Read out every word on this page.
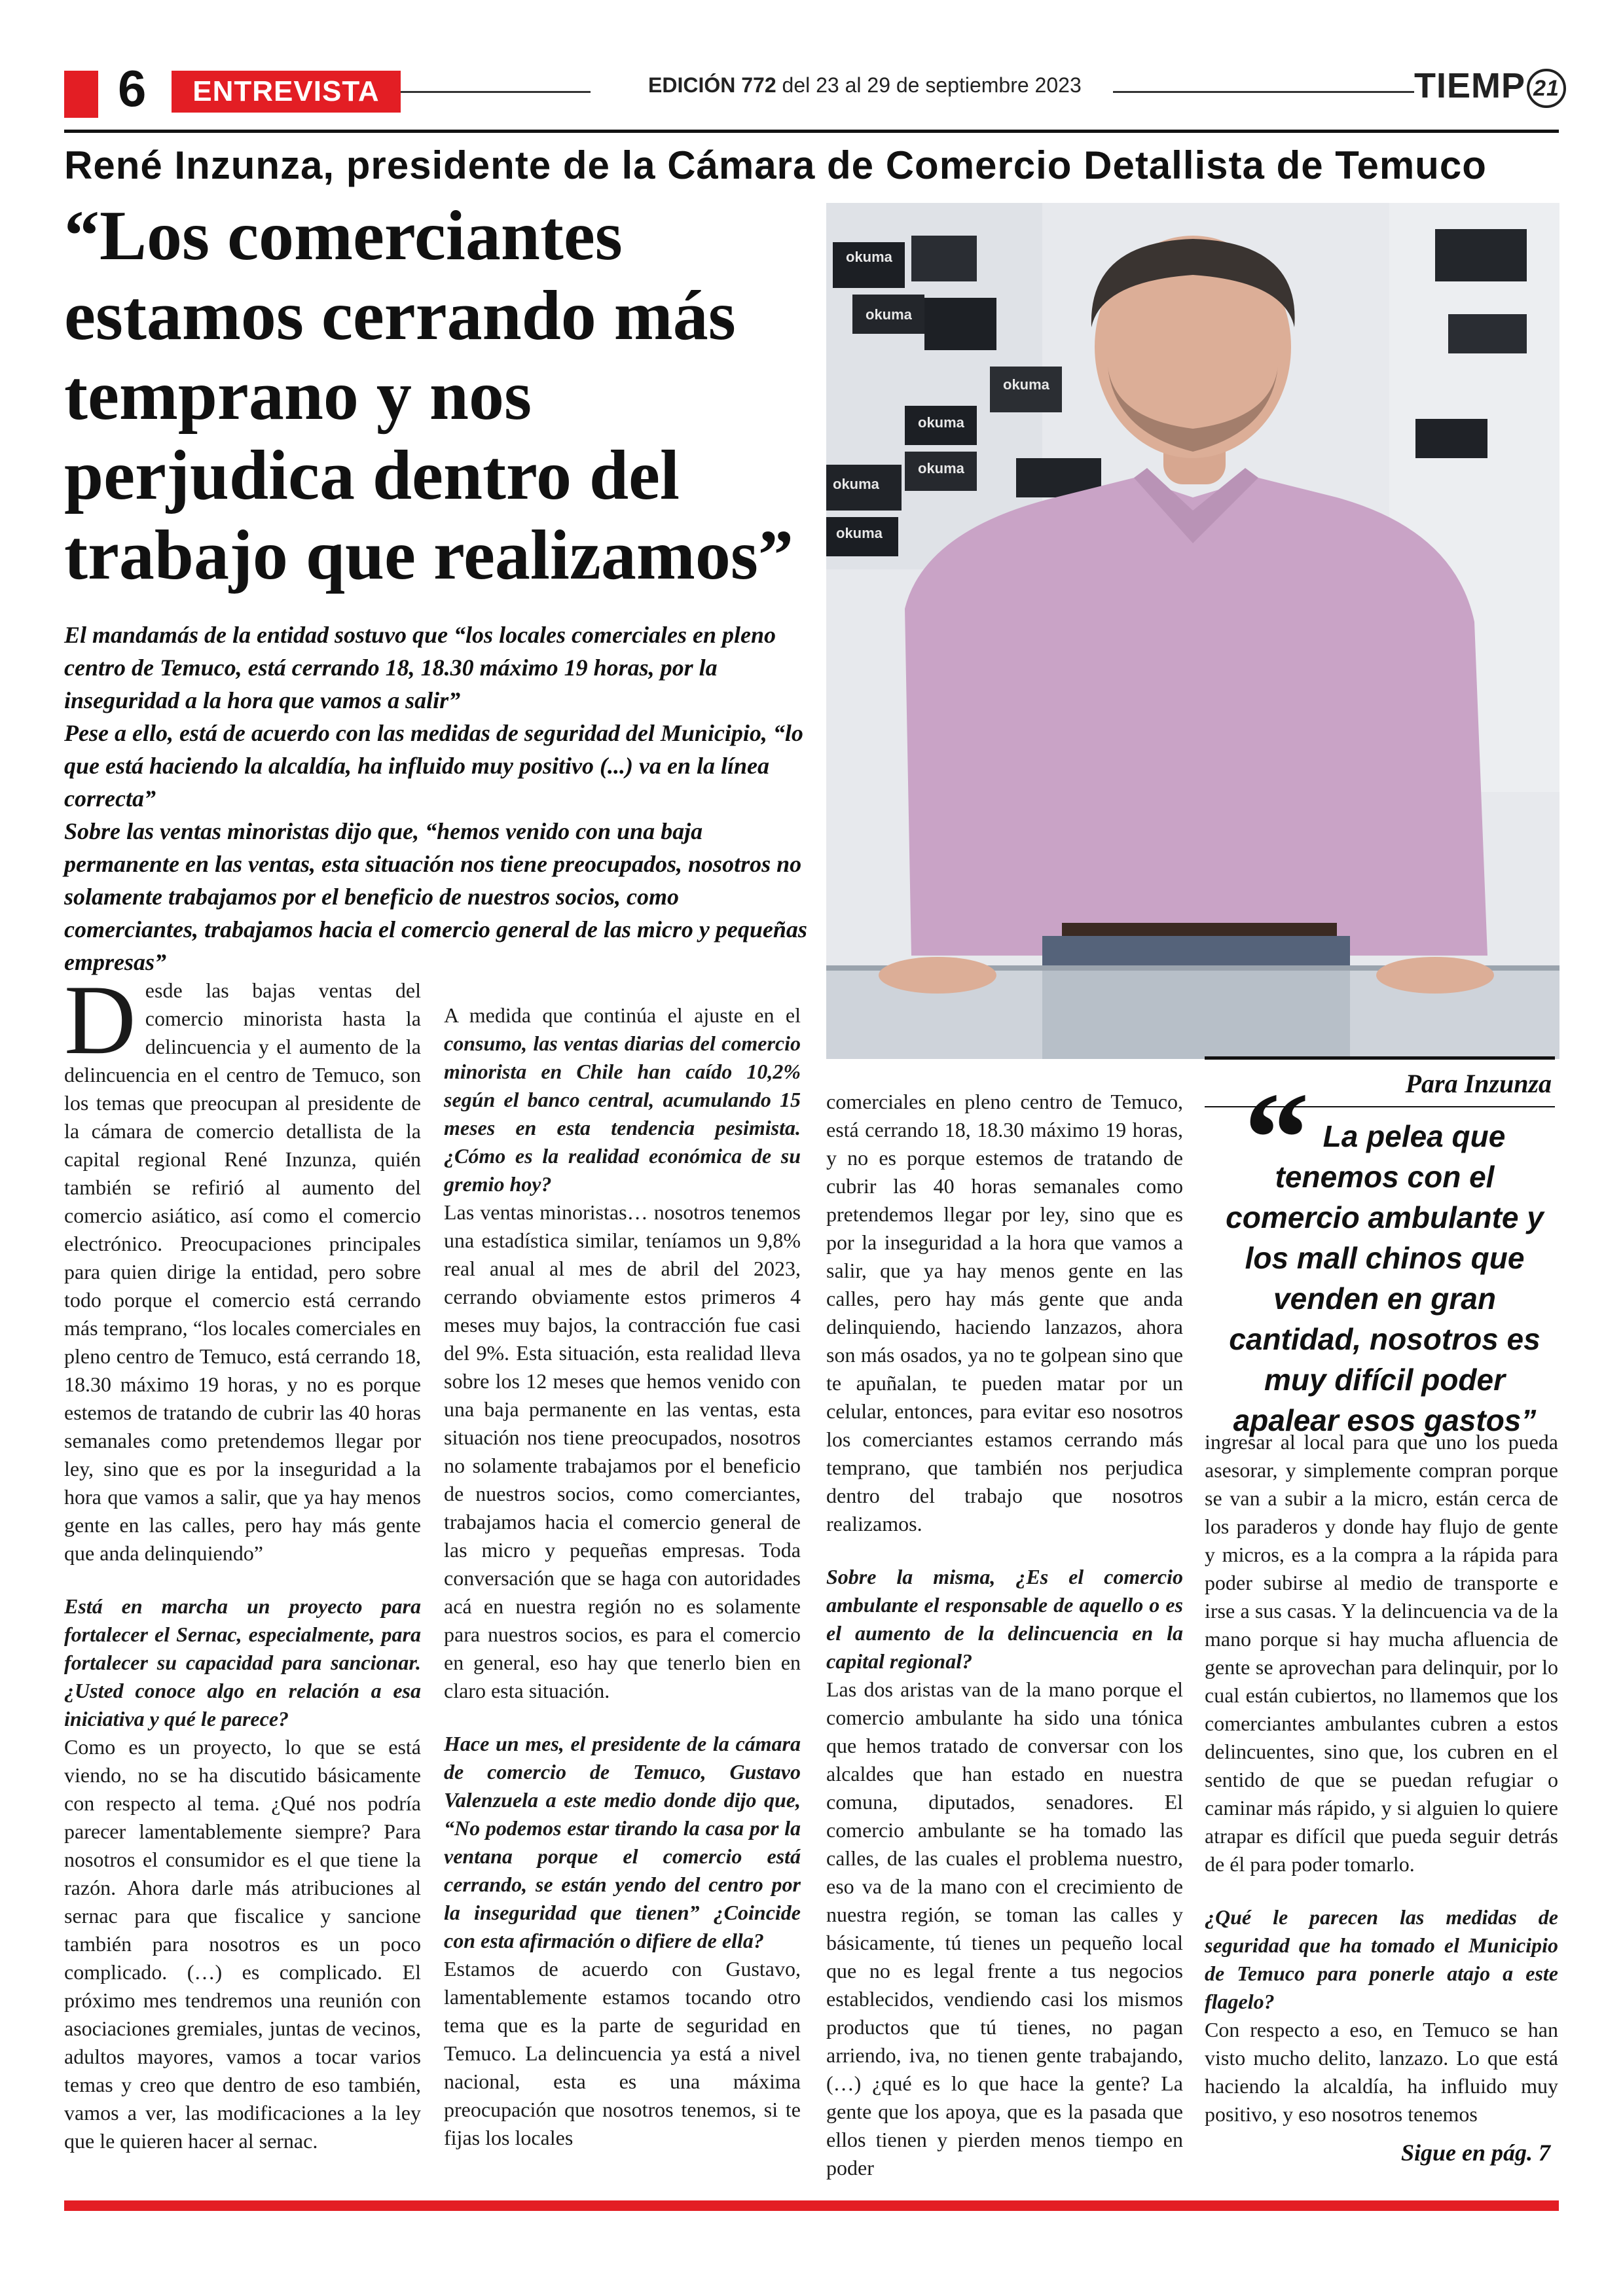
6	ENTREVISTA	EDICIÓN 772 del 23 al 29 de septiembre 2023	TIEMP 21
René Inzunza, presidente de la Cámara de Comercio Detallista de Temuco
“Los comerciantes estamos cerrando más temprano y nos perjudica dentro del trabajo que realizamos”

El mandamás de la entidad sostuvo que “los locales comerciales en pleno centro de Temuco, está cerrando 18, 18.30 máximo 19 horas, por la inseguridad a la hora que vamos a salir”

Pese a ello, está de acuerdo con las medidas de seguridad del Municipio, “lo que está haciendo la alcaldía, ha influido muy positivo (...) va en la línea correcta”

Sobre las ventas minoristas dijo que, “hemos venido con una baja permanente en las ventas, esta situación nos tiene preocupados, nosotros no solamente trabajamos por el beneficio de nuestros socios, como comerciantes, trabajamos hacia el comercio general de las micro y pequeñas empresas”

okuma
okuma
okuma
okuma
okuma
okuma
okuma

Desde las bajas ventas del comercio minorista hasta la delincuencia y el aumento de la delincuencia en el centro de Temuco, son los temas que preocupan al presidente de la cámara de comercio detallista de la capital regional René Inzunza, quién también se refirió al aumento del comercio asiático, así como el comercio electrónico. Preocupaciones principales para quien dirige la entidad, pero sobre todo porque el comercio está cerrando más temprano, “los locales comerciales en pleno centro de Temuco, está cerrando 18, 18.30 máximo 19 horas, y no es porque estemos de tratando de cubrir las 40 horas semanales como pretendemos llegar por ley, sino que es por la inseguridad a la hora que vamos a salir, que ya hay menos gente en las calles, pero hay más gente que anda delinquiendo”

Está en marcha un proyecto para fortalecer el Sernac, especialmente, para fortalecer su capacidad para sancionar. ¿Usted conoce algo en relación a esa iniciativa y qué le parece?

Como es un proyecto, lo que se está viendo, no se ha discutido básicamente con respecto al tema. ¿Qué nos podría parecer lamentablemente siempre? Para nosotros el consumidor es el que tiene la razón. Ahora darle más atribuciones al sernac para que fiscalice y sancione también para nosotros es un poco complicado. (…) es complicado. El próximo mes tendremos una reunión con asociaciones gremiales, juntas de vecinos, adultos mayores, vamos a tocar varios temas y creo que dentro de eso también, vamos a ver, las modificaciones a la ley que le quieren hacer al sernac.

A medida que continúa el ajuste en el consumo, las ventas diarias del comercio minorista en Chile han caído 10,2% según el banco central, acumulando 15 meses en esta tendencia pesimista. ¿Cómo es la realidad económica de su gremio hoy?

Las ventas minoristas… nosotros tenemos una estadística similar, teníamos un 9,8% real anual al mes de abril del 2023, cerrando obviamente estos primeros 4 meses muy bajos, la contracción fue casi del 9%. Esta situación, esta realidad lleva sobre los 12 meses que hemos venido con una baja permanente en las ventas, esta situación nos tiene preocupados, nosotros no solamente trabajamos por el beneficio de nuestros socios, como comerciantes, trabajamos hacia el comercio general de las micro y pequeñas empresas. Toda conversación que se haga con autoridades acá en nuestra región no es solamente para nuestros socios, es para el comercio en general, eso hay que tenerlo bien en claro esta situación.

Hace un mes, el presidente de la cámara de comercio de Temuco, Gustavo Valenzuela a este medio donde dijo que, “No podemos estar tirando la casa por la ventana porque el comercio está cerrando, se están yendo del centro por la inseguridad que tienen” ¿Coincide con esta afirmación o difiere de ella?

Estamos de acuerdo con Gustavo, lamentablemente estamos tocando otro tema que es la parte de seguridad en Temuco. La delincuencia ya está a nivel nacional, esta es una máxima preocupación que nosotros tenemos, si te fijas los locales

comerciales en pleno centro de Temuco, está cerrando 18, 18.30 máximo 19 horas, y no es porque estemos de tratando de cubrir las 40 horas semanales como pretendemos llegar por ley, sino que es por la inseguridad a la hora que vamos a salir, que ya hay menos gente en las calles, pero hay más gente que anda delinquiendo, haciendo lanzazos, ahora son más osados, ya no te golpean sino que te apuñalan, te pueden matar por un celular, entonces, para evitar eso nosotros los comerciantes estamos cerrando más temprano, que también nos perjudica dentro del trabajo que nosotros realizamos.

Sobre la misma, ¿Es el comercio ambulante el responsable de aquello o es el aumento de la delincuencia en la capital regional?

Las dos aristas van de la mano porque el comercio ambulante ha sido una tónica que hemos tratado de conversar con los alcaldes que han estado en nuestra comuna, diputados, senadores. El comercio ambulante se ha tomado las calles, de las cuales el problema nuestro, eso va de la mano con el crecimiento de nuestra región, se toman las calles y básicamente, tú tienes un pequeño local que no es legal frente a tus negocios establecidos, vendiendo casi los mismos productos que tú tienes, no pagan arriendo, iva, no tienen gente trabajando, (…) ¿qué es lo que hace la gente? La gente que los apoya, que es la pasada que ellos tienen y pierden menos tiempo en poder

Para Inzunza
“ La pelea que tenemos con el comercio ambulante y los mall chinos que venden en gran cantidad, nosotros es muy difícil poder apalear esos gastos”

ingresar al local para que uno los pueda asesorar, y simplemente compran porque se van a subir a la micro, están cerca de los paraderos y donde hay flujo de gente y micros, es a la compra a la rápida para poder subirse al medio de transporte e irse a sus casas. Y la delincuencia va de la mano porque si hay mucha afluencia de gente se aprovechan para delinquir, por lo cual están cubiertos, no llamemos que los comerciantes ambulantes cubren a estos delincuentes, sino que, los cubren en el sentido de que se puedan refugiar o caminar más rápido, y si alguien lo quiere atrapar es difícil que pueda seguir detrás de él para poder tomarlo.

¿Qué le parecen las medidas de seguridad que ha tomado el Municipio de Temuco para ponerle atajo a este flagelo?

Con respecto a eso, en Temuco se han visto mucho delito, lanzazo. Lo que está haciendo la alcaldía, ha influido muy positivo, y eso nosotros tenemos

Sigue en pág. 7
